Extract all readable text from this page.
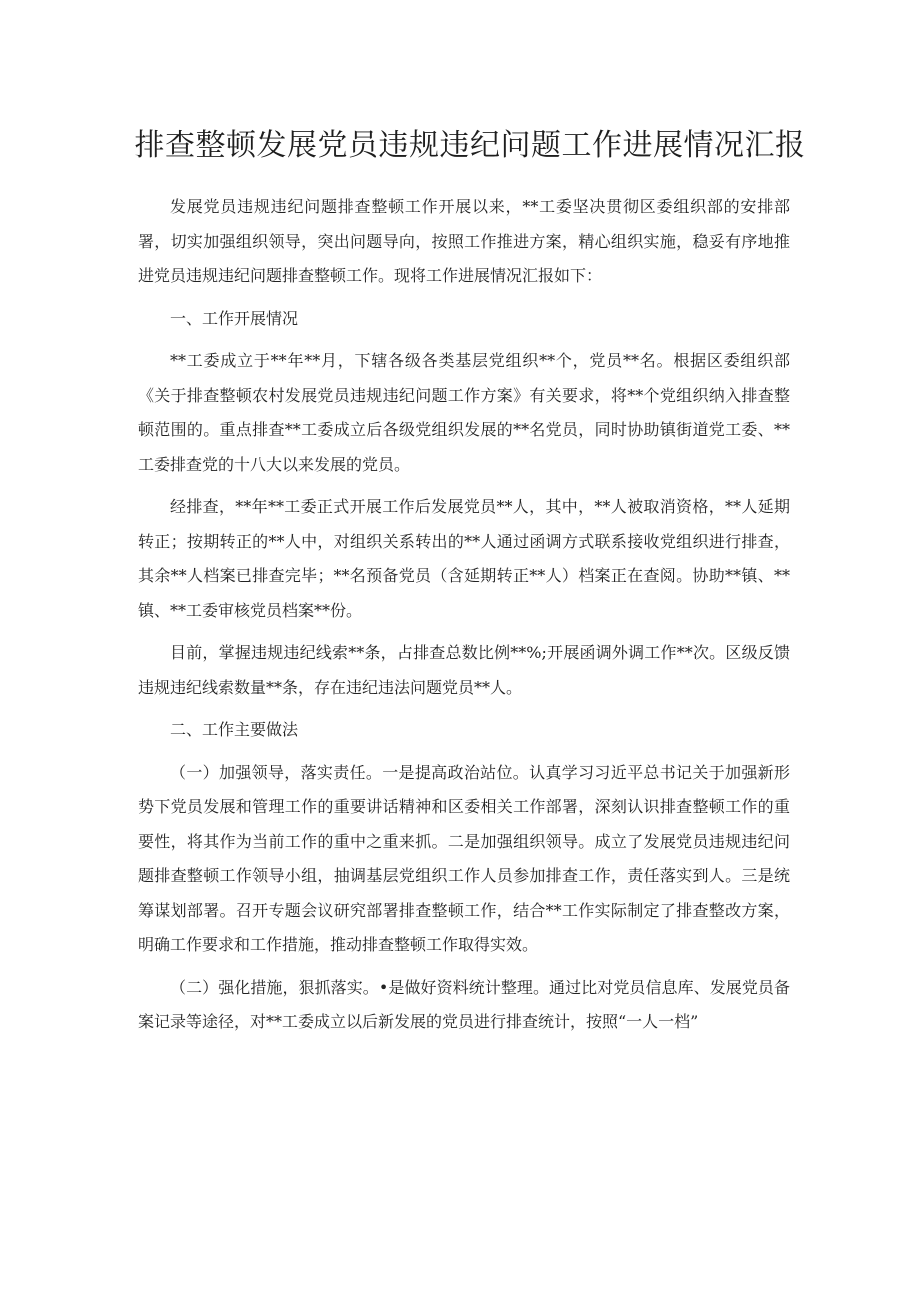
排查整顿发展党员违规违纪问题工作进展情况汇报

发展党员违规违纪问题排查整顿工作开展以来，**工委坚决贯彻区委组织部的安排部署，切实加强组织领导，突出问题导向，按照工作推进方案，精心组织实施，稳妥有序地推进党员违规违纪问题排查整顿工作。现将工作进展情况汇报如下：

一、工作开展情况

**工委成立于**年**月，下辖各级各类基层党组织**个，党员**名。根据区委组织部《关于排查整顿农村发展党员违规违纪问题工作方案》有关要求，将**个党组织纳入排查整顿范围的。重点排查**工委成立后各级党组织发展的**名党员，同时协助镇街道党工委、**工委排查党的十八大以来发展的党员。

经排查，**年**工委正式开展工作后发展党员**人，其中，**人被取消资格，**人延期转正；按期转正的**人中，对组织关系转出的**人通过函调方式联系接收党组织进行排查，其余**人档案已排查完毕；**名预备党员（含延期转正**人）档案正在查阅。协助**镇、**镇、**工委审核党员档案**份。

目前，掌握违规违纪线索**条，占排查总数比例**%;开展函调外调工作**次。区级反馈违规违纪线索数量**条，存在违纪违法问题党员**人。

二、工作主要做法

（一）加强领导，落实责任。一是提高政治站位。认真学习习近平总书记关于加强新形势下党员发展和管理工作的重要讲话精神和区委相关工作部署，深刻认识排查整顿工作的重要性，将其作为当前工作的重中之重来抓。二是加强组织领导。成立了发展党员违规违纪问题排查整顿工作领导小组，抽调基层党组织工作人员参加排查工作，责任落实到人。三是统筹谋划部署。召开专题会议研究部署排查整顿工作，结合**工作实际制定了排查整改方案，明确工作要求和工作措施，推动排查整顿工作取得实效。

（二）强化措施，狠抓落实。•是做好资料统计整理。通过比对党员信息库、发展党员备案记录等途径，对**工委成立以后新发展的党员进行排查统计，按照“一人一档”
